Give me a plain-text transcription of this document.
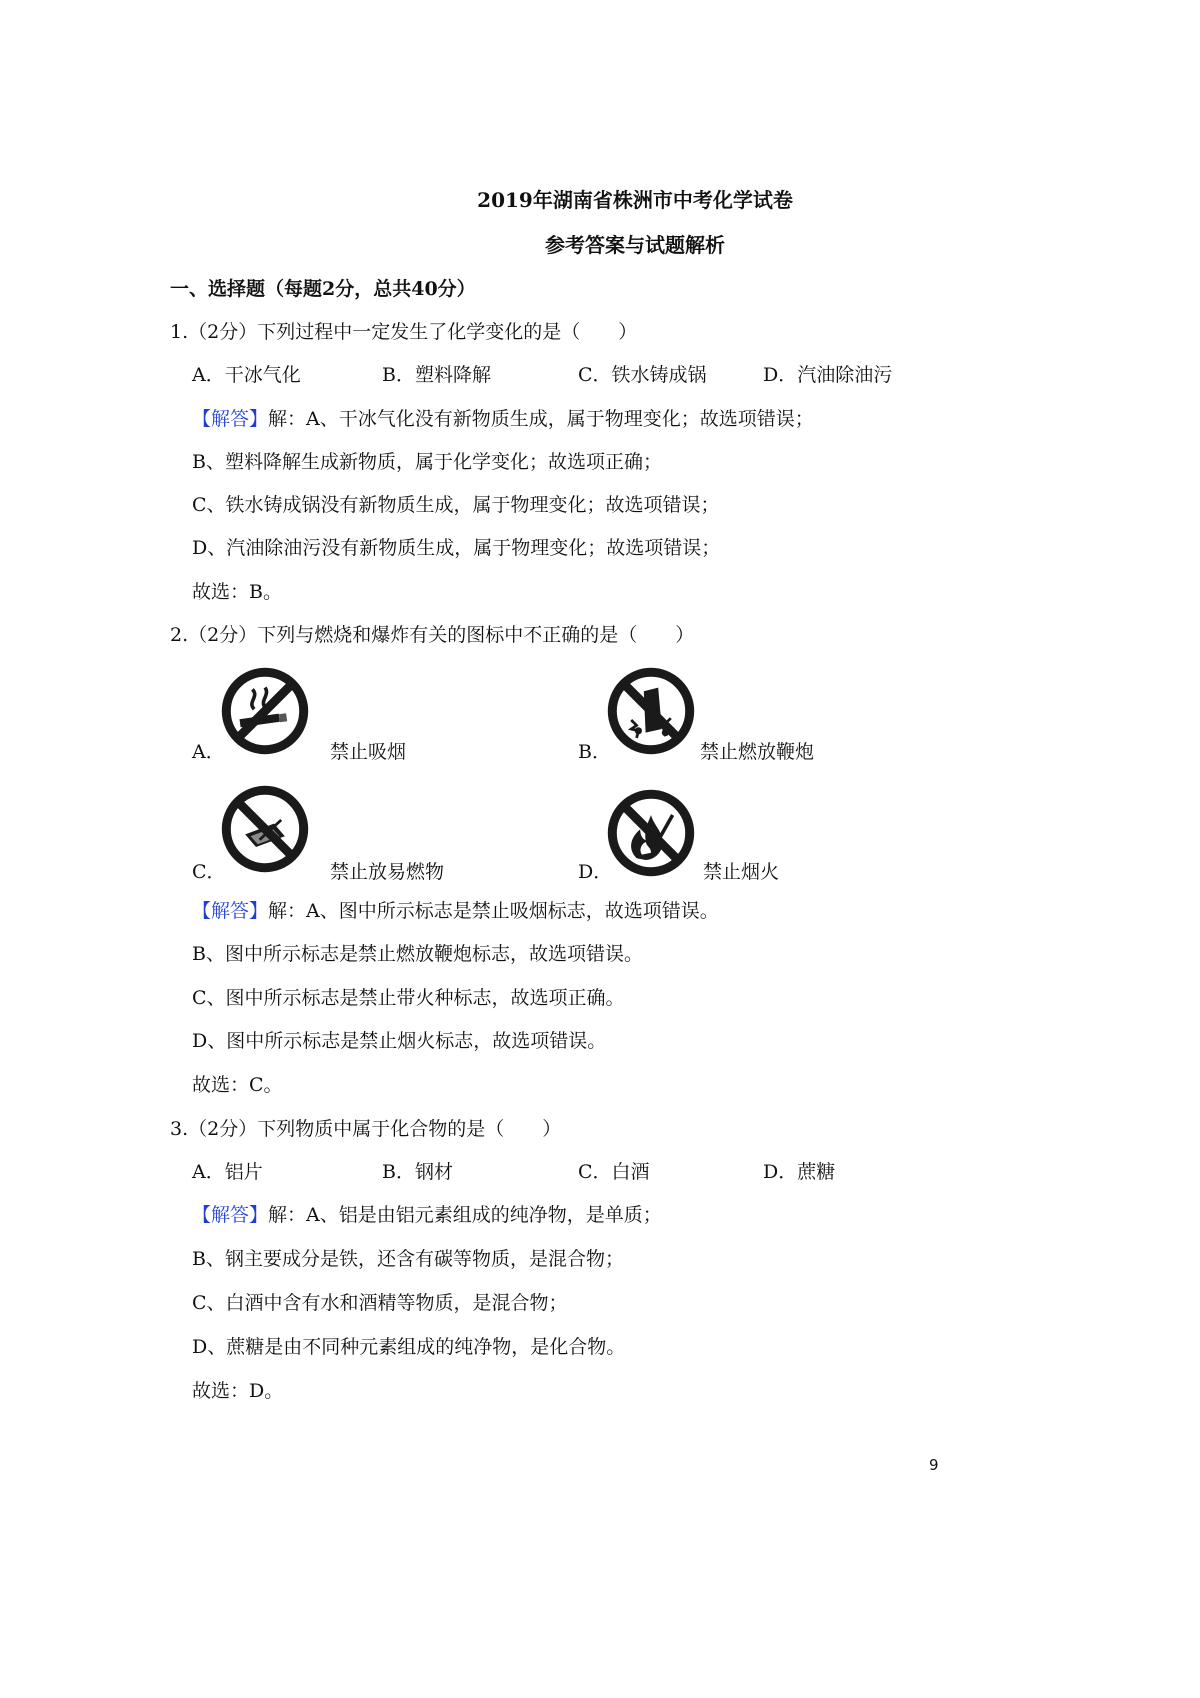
2019年湖南省株洲市中考化学试卷
参考答案与试题解析
一、选择题（每题2分，总共40分）
1.（2分）下列过程中一定发生了化学变化的是（　　）
A．干冰气化	B．塑料降解	C．铁水铸成锅	D．汽油除油污
【解答】解：A、干冰气化没有新物质生成，属于物理变化；故选项错误；
B、塑料降解生成新物质，属于化学变化；故选项正确；
C、铁水铸成锅没有新物质生成，属于物理变化；故选项错误；
D、汽油除油污没有新物质生成，属于物理变化；故选项错误；
故选：B。
2.（2分）下列与燃烧和爆炸有关的图标中不正确的是（　　）
A．	禁止吸烟	B．	禁止燃放鞭炮
C．	禁止放易燃物	D．	禁止烟火
【解答】解：A、图中所示标志是禁止吸烟标志，故选项错误。
B、图中所示标志是禁止燃放鞭炮标志，故选项错误。
C、图中所示标志是禁止带火种标志，故选项正确。
D、图中所示标志是禁止烟火标志，故选项错误。
故选：C。
3.（2分）下列物质中属于化合物的是（　　）
A．铝片	B．钢材	C．白酒	D．蔗糖
【解答】解：A、铝是由铝元素组成的纯净物，是单质；
B、钢主要成分是铁，还含有碳等物质，是混合物；
C、白酒中含有水和酒精等物质，是混合物；
D、蔗糖是由不同种元素组成的纯净物，是化合物。
故选：D。
9
